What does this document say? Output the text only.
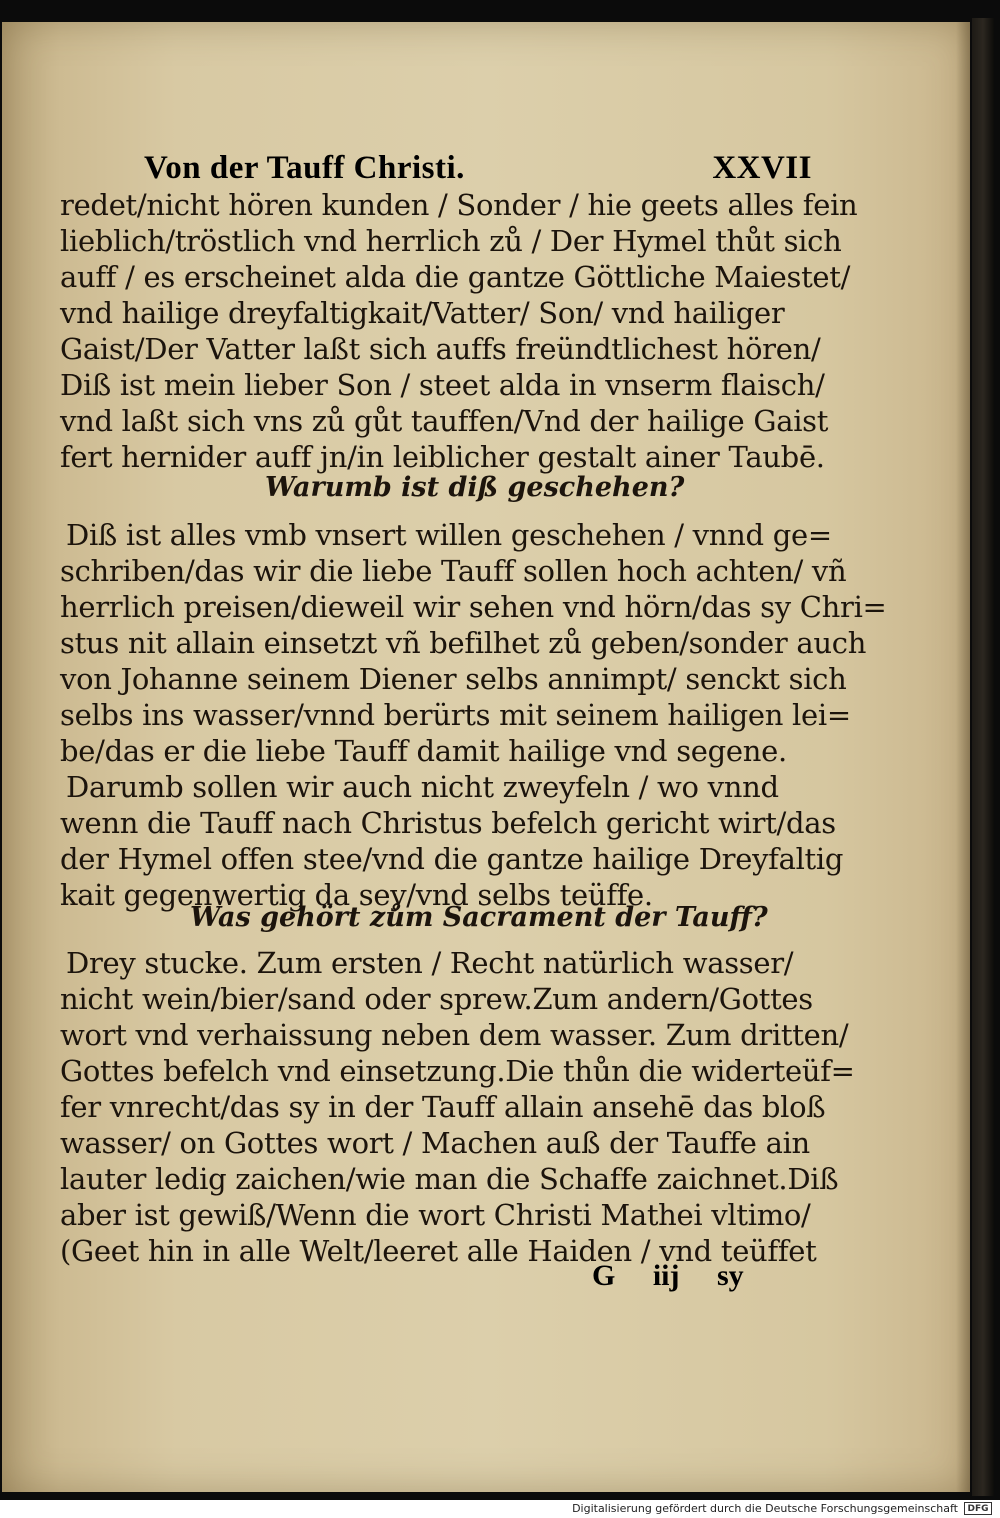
Von der Tauff Christi.	XXVII
redet/nicht hören kunden / Sonder / hie geets alles fein
lieblich/tröstlich vnd herrlich zů / Der Hymel thůt sich
auff / es erscheinet alda die gantze Göttliche Maiestet/
vnd hailige dreyfaltigkait/Vatter/ Son/ vnd hailiger
Gaist/Der Vatter laßt sich auffs freündtlichest hören/
Diß ist mein lieber Son / steet alda in vnserm flaisch/
vnd laßt sich vns zů gůt tauffen/Vnd der hailige Gaist
fert hernider auff jn/in leiblicher gestalt ainer Taubē.
Warumb ist diß geschehen?
Diß ist alles vmb vnsert willen geschehen / vnnd ge=
schriben/das wir die liebe Tauff sollen hoch achten/ vñ
herrlich preisen/dieweil wir sehen vnd hörn/das sy Chri=
stus nit allain einsetzt vñ befilhet zů geben/sonder auch
von Johanne seinem Diener selbs annimpt/ senckt sich
selbs ins wasser/vnnd berürts mit seinem hailigen lei=
be/das er die liebe Tauff damit hailige vnd segene.
Darumb sollen wir auch nicht zweyfeln / wo vnnd
wenn die Tauff nach Christus befelch gericht wirt/das
der Hymel offen stee/vnd die gantze hailige Dreyfaltig
kait gegenwertig da sey/vnd selbs teüffe.
Was gehört zům Sacrament der Tauff?
Drey stucke. Zum ersten / Recht natürlich wasser/
nicht wein/bier/sand oder sprew.Zum andern/Gottes
wort vnd verhaissung neben dem wasser. Zum dritten/
Gottes befelch vnd einsetzung.Die thůn die widerteüf=
fer vnrecht/das sy in der Tauff allain ansehē das bloß
wasser/ on Gottes wort / Machen auß der Tauffe ain
lauter ledig zaichen/wie man die Schaffe zaichnet.Diß
aber ist gewiß/Wenn die wort Christi Mathei vltimo/
(Geet hin in alle Welt/leeret alle Haiden / vnd teüffet
G iij sy
Digitalisierung gefördert durch die Deutsche Forschungsgemeinschaft	DFG
